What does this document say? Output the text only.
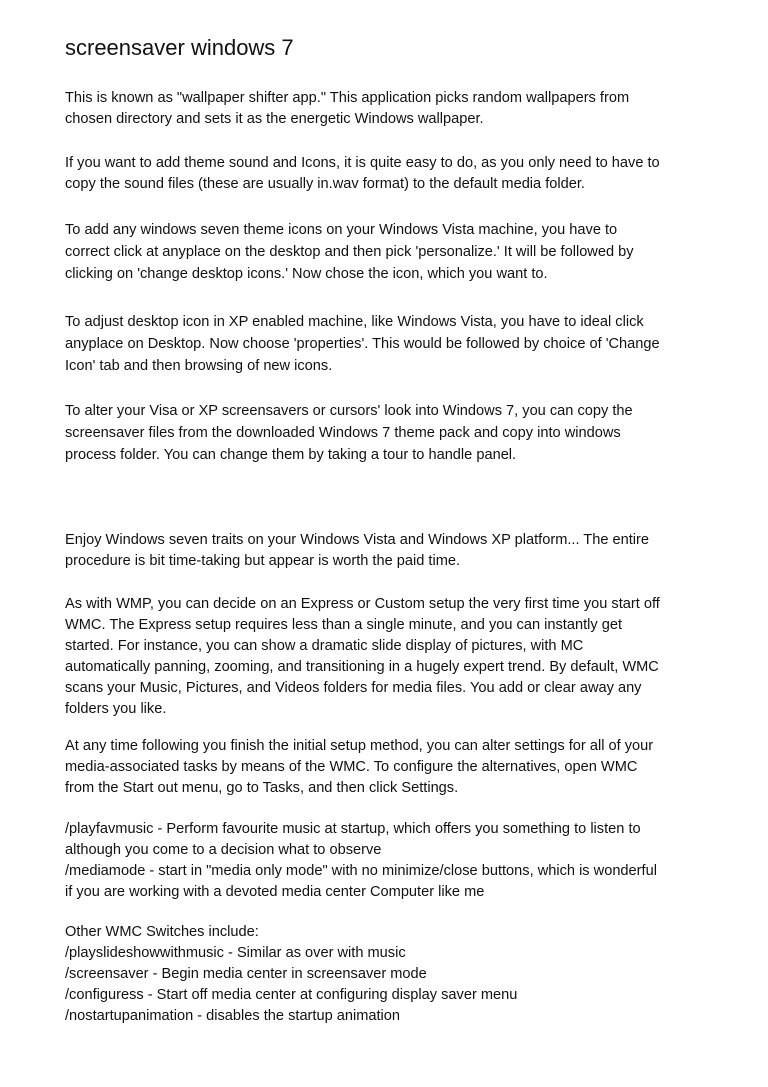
screensaver windows 7
This is known as "wallpaper shifter app." This application picks random wallpapers from
chosen directory and sets it as the energetic Windows wallpaper.
If you want to add theme sound and Icons, it is quite easy to do, as you only need to have to
copy the sound files (these are usually in.wav format) to the default media folder.
To add any windows seven theme icons on your Windows Vista machine, you have to
correct click at anyplace on the desktop and then pick 'personalize.' It will be followed by
clicking on 'change desktop icons.' Now chose the icon, which you want to.
To adjust desktop icon in XP enabled machine, like Windows Vista, you have to ideal click
anyplace on Desktop. Now choose 'properties'. This would be followed by choice of 'Change
Icon' tab and then browsing of new icons.
To alter your Visa or XP screensavers or cursors' look into Windows 7, you can copy the
screensaver files from the downloaded Windows 7 theme pack and copy into windows
process folder. You can change them by taking a tour to handle panel.
Enjoy Windows seven traits on your Windows Vista and Windows XP platform... The entire
procedure is bit time-taking but appear is worth the paid time.
As with WMP, you can decide on an Express or Custom setup the very first time you start off
WMC. The Express setup requires less than a single minute, and you can instantly get
started. For instance, you can show a dramatic slide display of pictures, with MC
automatically panning, zooming, and transitioning in a hugely expert trend. By default, WMC
scans your Music, Pictures, and Videos folders for media files. You add or clear away any
folders you like.
At any time following you finish the initial setup method, you can alter settings for all of your
media-associated tasks by means of the WMC. To configure the alternatives, open WMC
from the Start out menu, go to Tasks, and then click Settings.
/playfavmusic - Perform favourite music at startup, which offers you something to listen to
although you come to a decision what to observe
/mediamode - start in "media only mode" with no minimize/close buttons, which is wonderful
if you are working with a devoted media center Computer like me
Other WMC Switches include:
/playslideshowwithmusic - Similar as over with music
/screensaver - Begin media center in screensaver mode
/configuress - Start off media center at configuring display saver menu
/nostartupanimation - disables the startup animation
